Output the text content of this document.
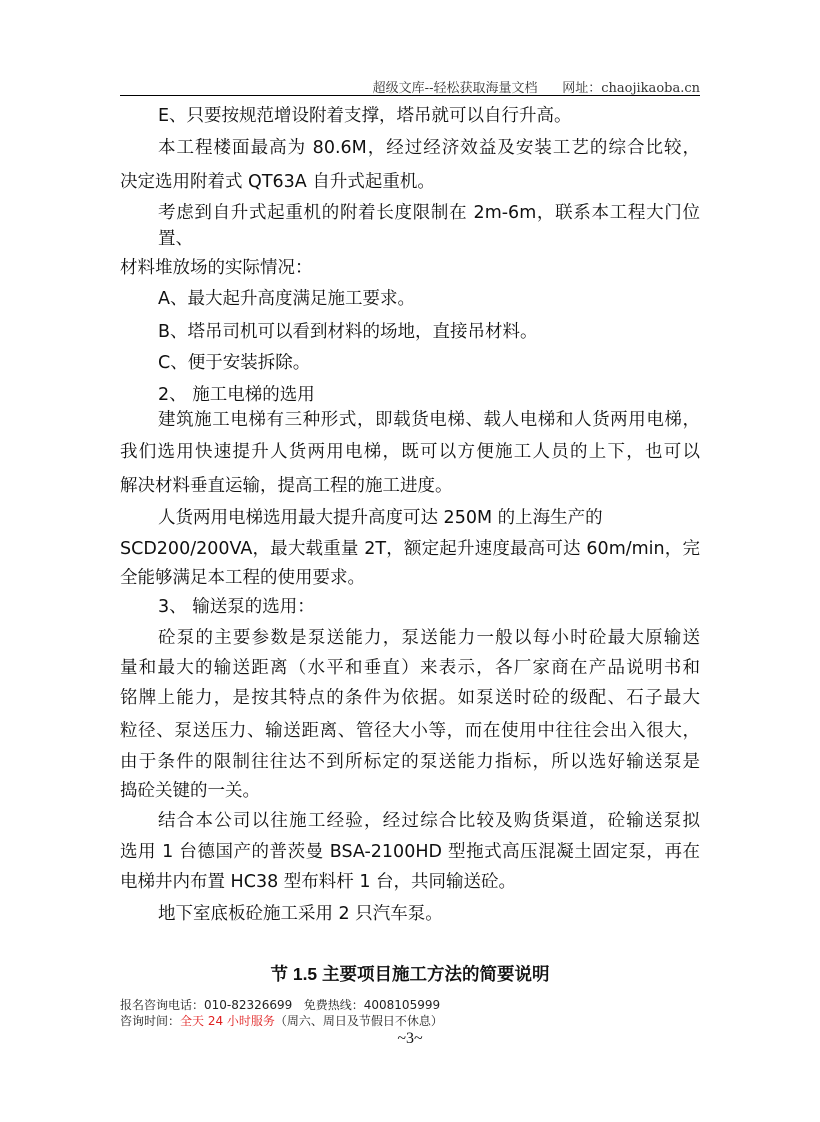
超级文库--轻松获取海量文档 网址：chaojikaoba.cn
E、只要按规范增设附着支撑，塔吊就可以自行升高。
本工程楼面最高为 80.6M，经过经济效益及安装工艺的综合比较，
决定选用附着式 QT63A 自升式起重机。
考虑到自升式起重机的附着长度限制在 2m-6m，联系本工程大门位
置、
材料堆放场的实际情况：
A、最大起升高度满足施工要求。
B、塔吊司机可以看到材料的场地，直接吊材料。
C、便于安装拆除。
2、 施工电梯的选用
建筑施工电梯有三种形式，即载货电梯、载人电梯和人货两用电梯，
我们选用快速提升人货两用电梯，既可以方便施工人员的上下，也可以
解决材料垂直运输，提高工程的施工进度。
人货两用电梯选用最大提升高度可达 250M 的上海生产的
SCD200/200VA，最大载重量 2T，额定起升速度最高可达 60m/min，完
全能够满足本工程的使用要求。
3、 输送泵的选用：
砼泵的主要参数是泵送能力，泵送能力一般以每小时砼最大原输送
量和最大的输送距离（水平和垂直）来表示，各厂家商在产品说明书和
铭牌上能力，是按其特点的条件为依据。如泵送时砼的级配、石子最大
粒径、泵送压力、输送距离、管径大小等，而在使用中往往会出入很大，
由于条件的限制往往达不到所标定的泵送能力指标，所以选好输送泵是
捣砼关键的一关。
结合本公司以往施工经验，经过综合比较及购货渠道，砼输送泵拟
选用 1 台德国产的普茨曼 BSA-2100HD 型拖式高压混凝土固定泵，再在
电梯井内布置 HC38 型布料杆 1 台，共同输送砼。
地下室底板砼施工采用 2 只汽车泵。
节 1.5 主要项目施工方法的简要说明
报名咨询电话：010-82326699   免费热线：4008105999
咨询时间：全天 24 小时服务（周六、周日及节假日不休息）
~3~
